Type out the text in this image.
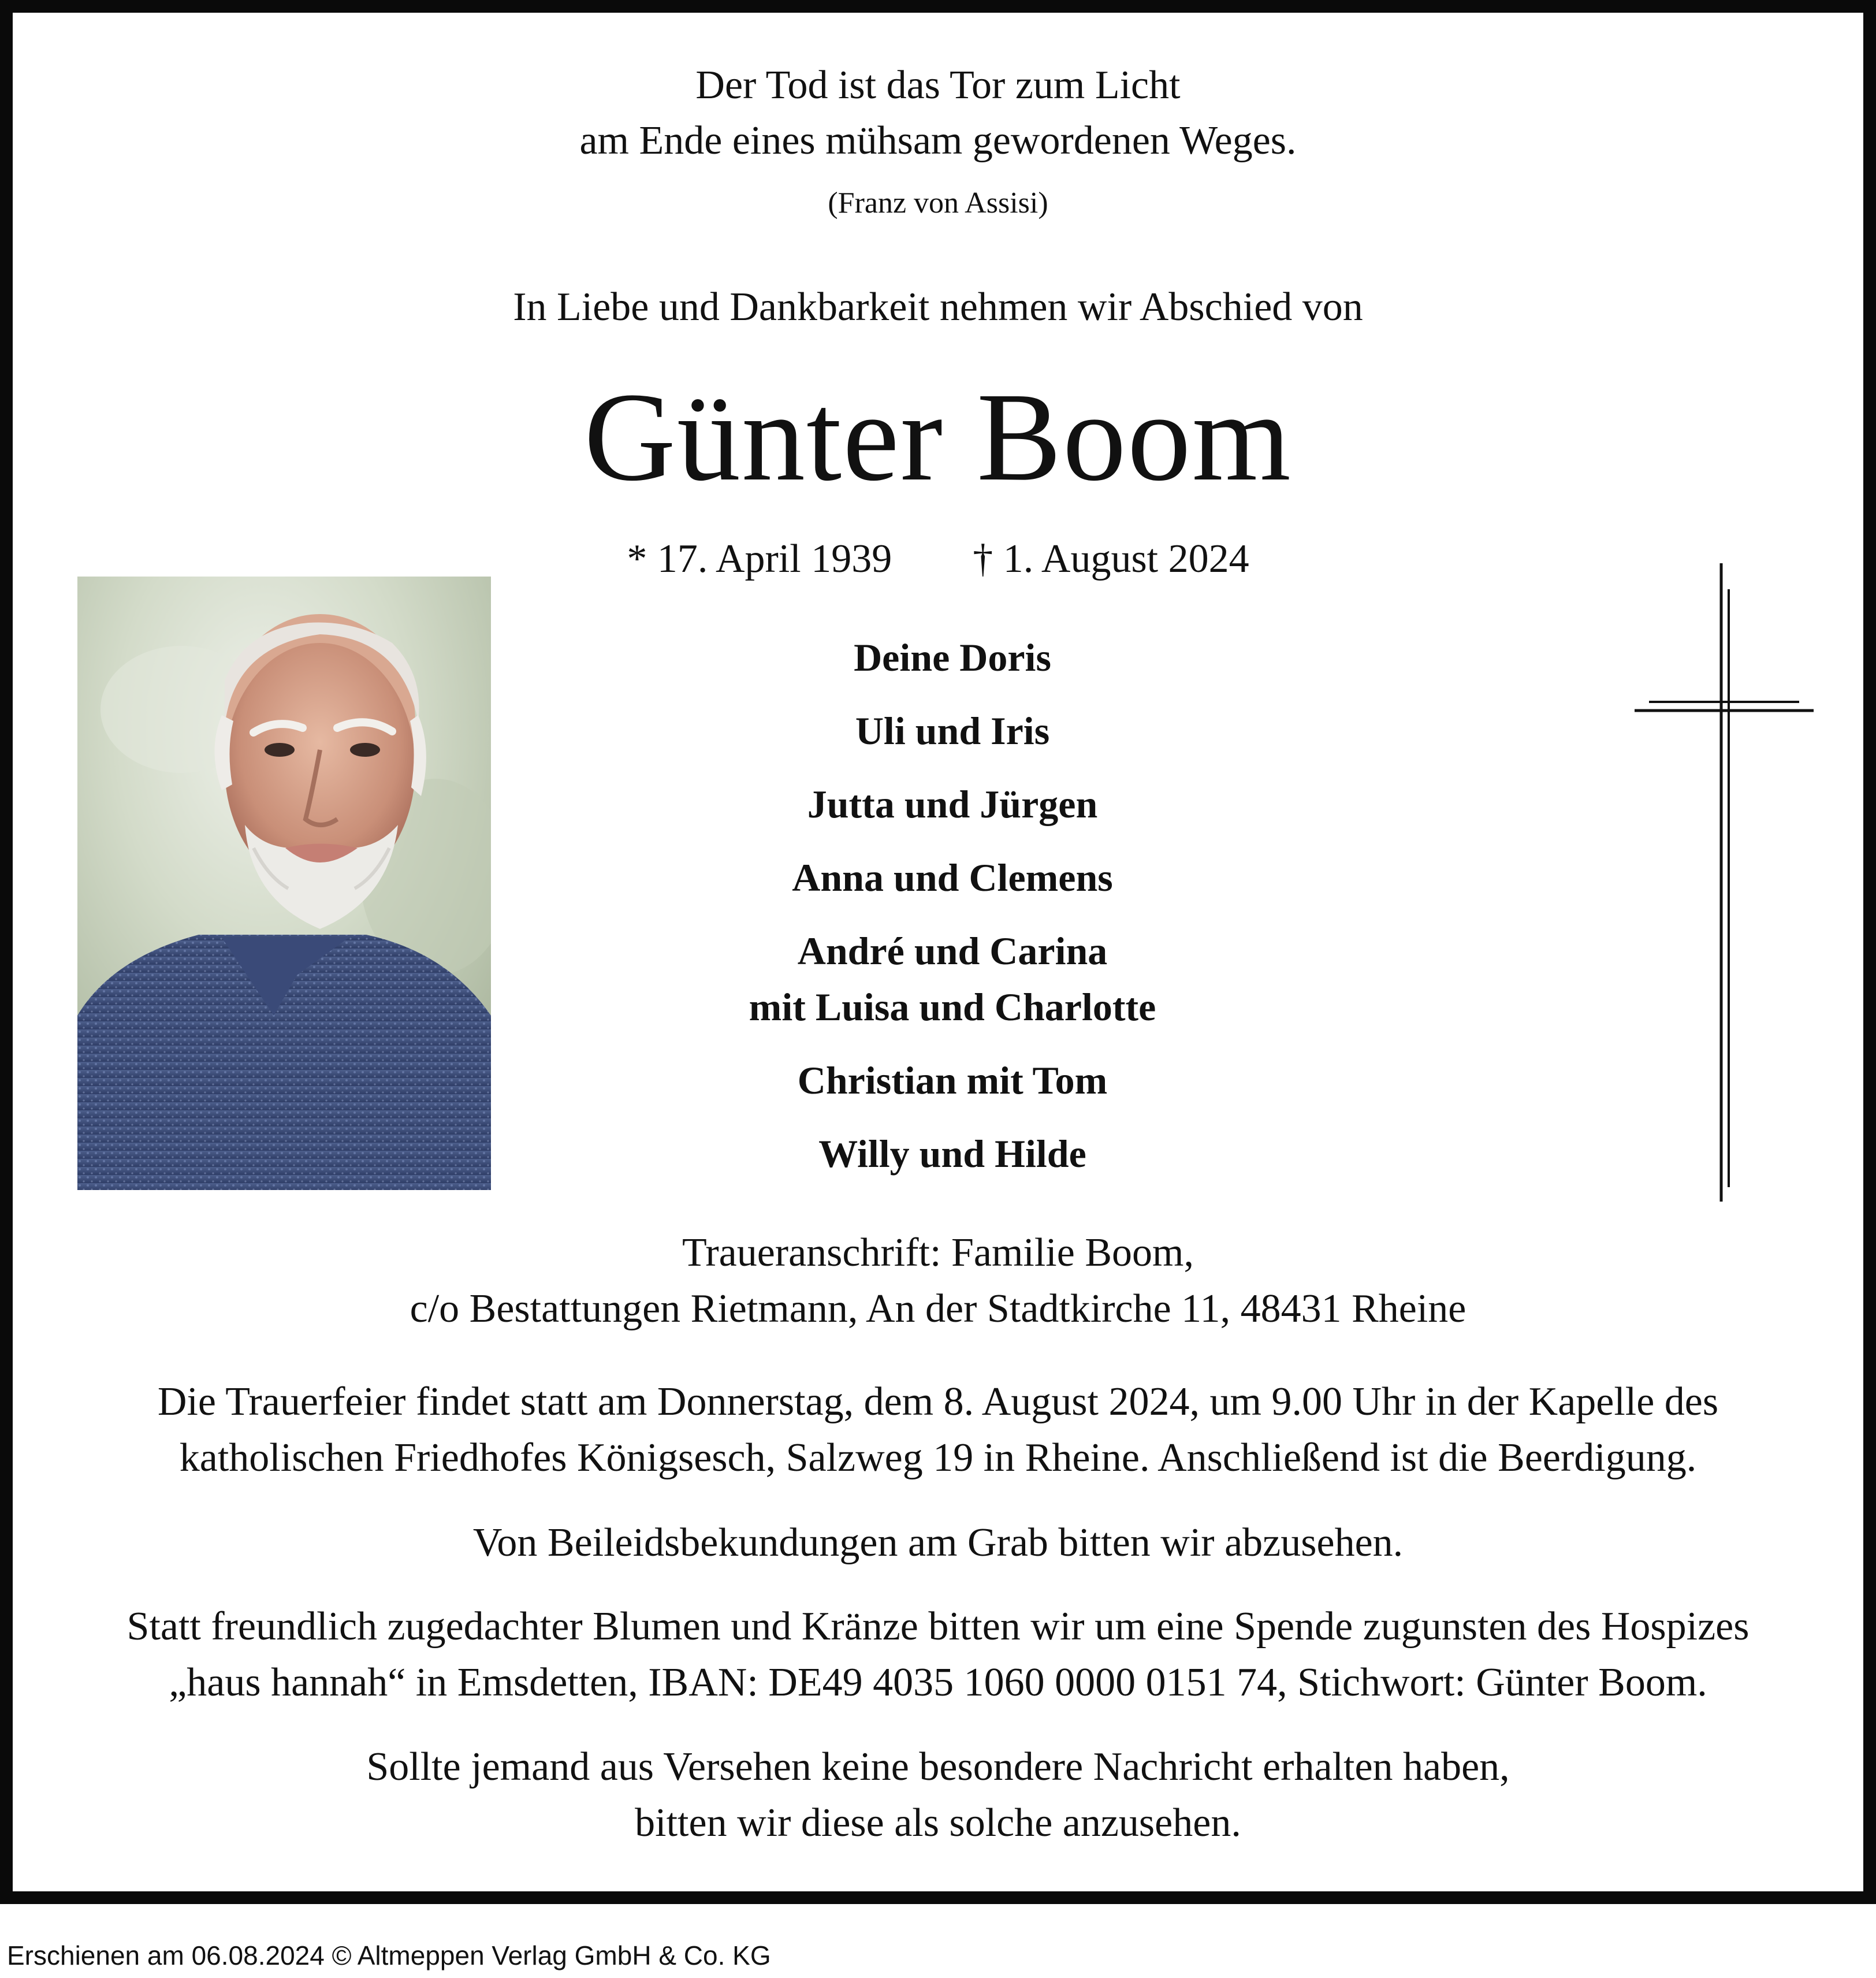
Der Tod ist das Tor zum Licht
am Ende eines mühsam gewordenen Weges.
(Franz von Assisi)
In Liebe und Dankbarkeit nehmen wir Abschied von
Günter Boom
* 17. April 1939 † 1. August 2024
Deine Doris
Uli und Iris
Jutta und Jürgen
Anna und Clemens
André und Carina
mit Luisa und Charlotte
Christian mit Tom
Willy und Hilde
Traueranschrift: Familie Boom,
c/o Bestattungen Rietmann, An der Stadtkirche 11, 48431 Rheine
Die Trauerfeier findet statt am Donnerstag, dem 8. August 2024, um 9.00 Uhr in der Kapelle des
katholischen Friedhofes Königsesch, Salzweg 19 in Rheine. Anschließend ist die Beerdigung.
Von Beileidsbekundungen am Grab bitten wir abzusehen.
Statt freundlich zugedachter Blumen und Kränze bitten wir um eine Spende zugunsten des Hospizes
„haus hannah“ in Emsdetten, IBAN: DE49 4035 1060 0000 0151 74, Stichwort: Günter Boom.
Sollte jemand aus Versehen keine besondere Nachricht erhalten haben,
bitten wir diese als solche anzusehen.
Erschienen am 06.08.2024 © Altmeppen Verlag GmbH & Co. KG
